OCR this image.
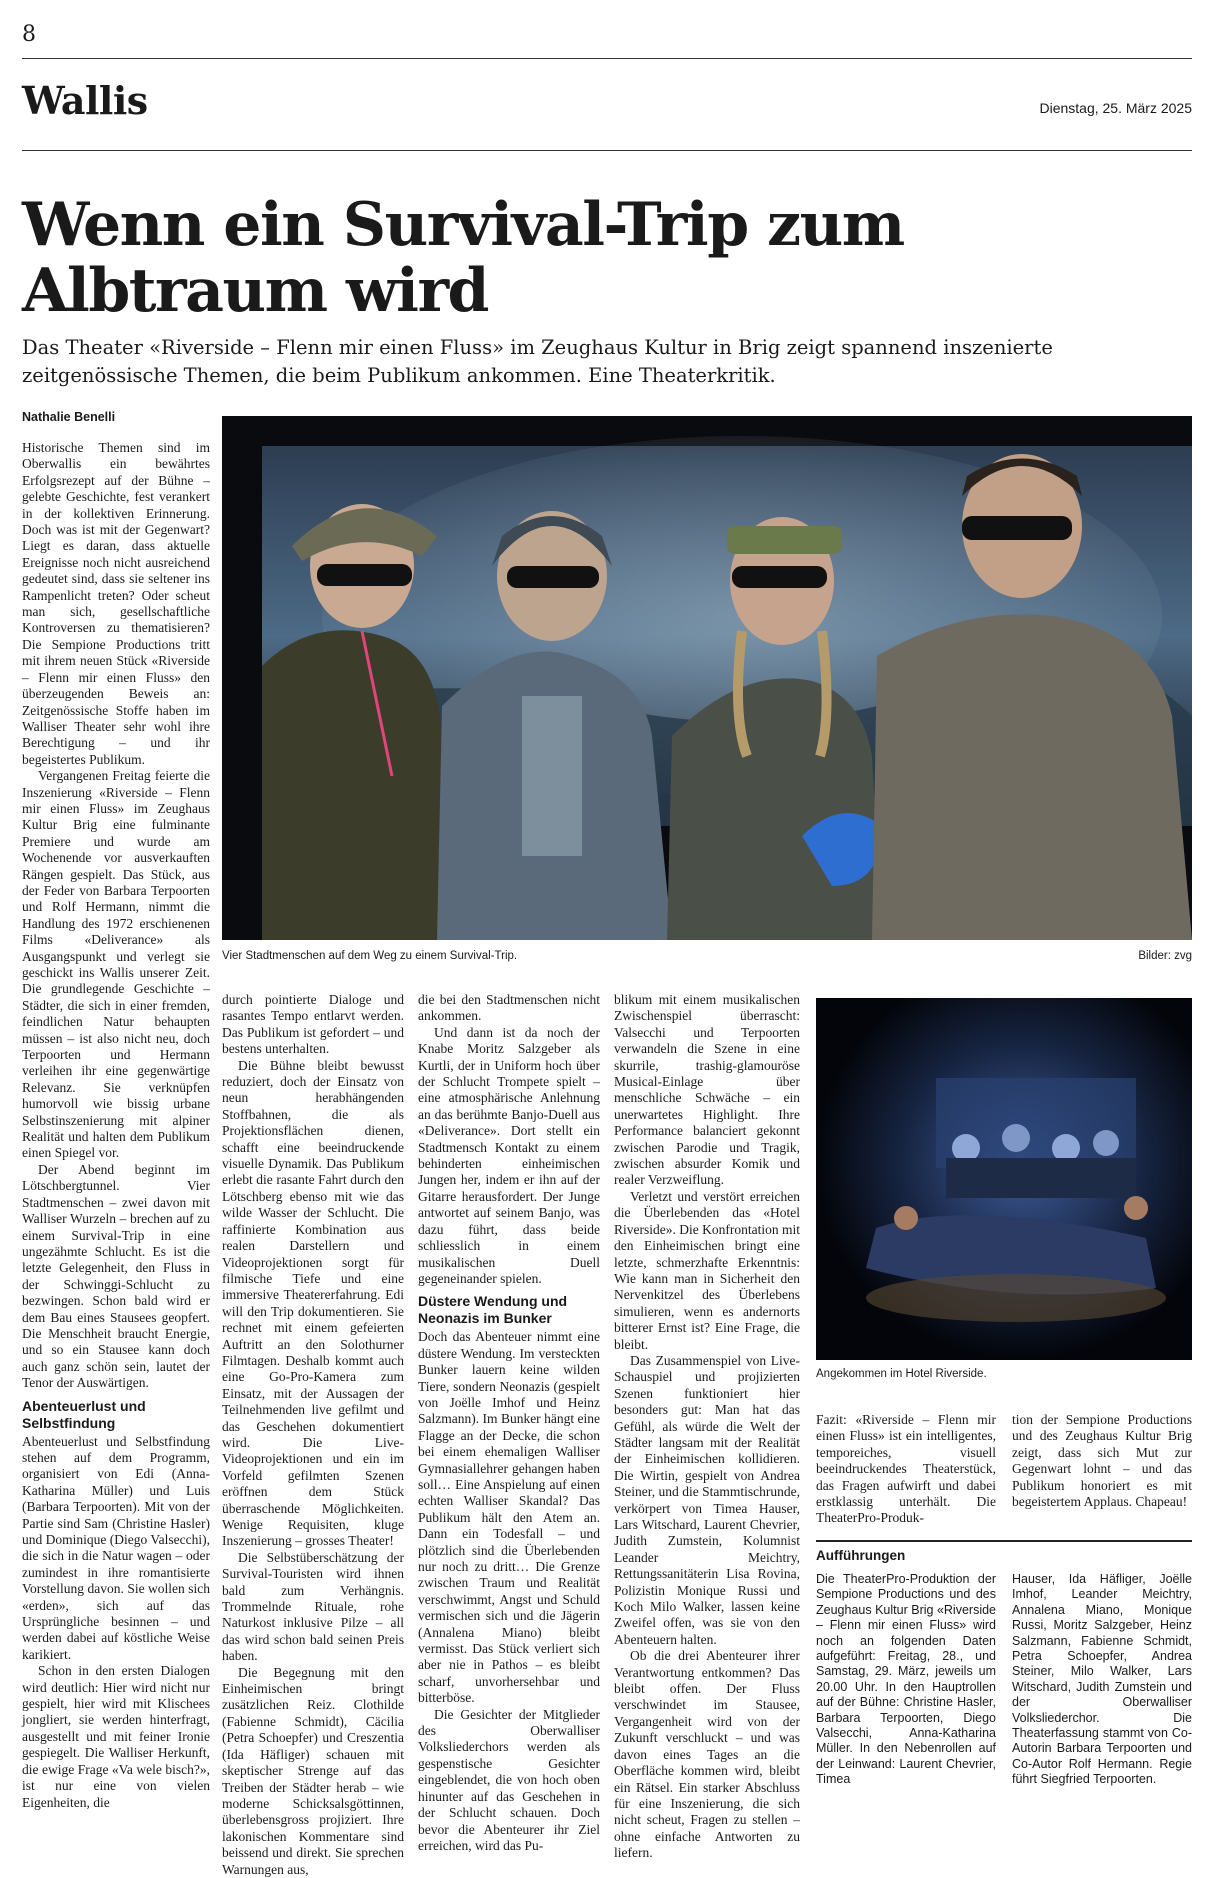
8
Wallis	Dienstag, 25. März 2025
Wenn ein Survival-Trip zum
Albtraum wird
Das Theater «Riverside – Flenn mir einen Fluss» im Zeughaus Kultur in Brig zeigt spannend inszenierte zeitgenössische Themen, die beim Publikum ankommen. Eine Theaterkritik.
Nathalie Benelli

Historische Themen sind im Oberwallis ein bewährtes Erfolgsrezept auf der Bühne – gelebte Geschichte, fest verankert in der kollektiven Erinnerung. Doch was ist mit der Gegenwart? Liegt es daran, dass aktuelle Ereignisse noch nicht ausreichend gedeutet sind, dass sie seltener ins Rampenlicht treten? Oder scheut man sich, gesellschaftliche Kontroversen zu thematisieren? Die Sempione Productions tritt mit ihrem neuen Stück «Riverside – Flenn mir einen Fluss» den überzeugenden Beweis an: Zeitgenössische Stoffe haben im Walliser Theater sehr wohl ihre Berechtigung – und ihr begeistertes Publikum.

Vergangenen Freitag feierte die Inszenierung «Riverside – Flenn mir einen Fluss» im Zeughaus Kultur Brig eine fulminante Premiere und wurde am Wochenende vor ausverkauften Rängen gespielt. Das Stück, aus der Feder von Barbara Terpoorten und Rolf Hermann, nimmt die Handlung des 1972 erschienenen Films «Deliverance» als Ausgangspunkt und verlegt sie geschickt ins Wallis unserer Zeit. Die grundlegende Geschichte – Städter, die sich in einer fremden, feindlichen Natur behaupten müssen – ist also nicht neu, doch Terpoorten und Hermann verleihen ihr eine gegenwärtige Relevanz. Sie verknüpfen humorvoll wie bissig urbane Selbstinszenierung mit alpiner Realität und halten dem Publikum einen Spiegel vor.

Der Abend beginnt im Lötschbergtunnel. Vier Stadtmenschen – zwei davon mit Walliser Wurzeln – brechen auf zu einem Survival-Trip in eine ungezähmte Schlucht. Es ist die letzte Gelegenheit, den Fluss in der Schwinggi-Schlucht zu bezwingen. Schon bald wird er dem Bau eines Stausees geopfert. Die Menschheit braucht Energie, und so ein Stausee kann doch auch ganz schön sein, lautet der Tenor der Auswärtigen.

Abenteuerlust und Selbstfindung

Abenteuerlust und Selbstfindung stehen auf dem Programm, organisiert von Edi (Anna-Katharina Müller) und Luis (Barbara Terpoorten). Mit von der Partie sind Sam (Christine Hasler) und Dominique (Diego Valsecchi), die sich in die Natur wagen – oder zumindest in ihre romantisierte Vorstellung davon. Sie wollen sich «erden», sich auf das Ursprüngliche besinnen – und werden dabei auf köstliche Weise karikiert.

Schon in den ersten Dialogen wird deutlich: Hier wird nicht nur gespielt, hier wird mit Klischees jongliert, sie werden hinterfragt, ausgestellt und mit feiner Ironie gespiegelt. Die Walliser Herkunft, die ewige Frage «Va wele bisch?», ist nur eine von vielen Eigenheiten, die

Vier Stadtmenschen auf dem Weg zu einem Survival-Trip.	Bilder: zvg

durch pointierte Dialoge und rasantes Tempo entlarvt werden. Das Publikum ist gefordert – und bestens unterhalten.

Die Bühne bleibt bewusst reduziert, doch der Einsatz von neun herabhängenden Stoffbahnen, die als Projektionsflächen dienen, schafft eine beeindruckende visuelle Dynamik. Das Publikum erlebt die rasante Fahrt durch den Lötschberg ebenso mit wie das wilde Wasser der Schlucht. Die raffinierte Kombination aus realen Darstellern und Videoprojektionen sorgt für filmische Tiefe und eine immersive Theatererfahrung. Edi will den Trip dokumentieren. Sie rechnet mit einem gefeierten Auftritt an den Solothurner Filmtagen. Deshalb kommt auch eine Go-Pro-Kamera zum Einsatz, mit der Aussagen der Teilnehmenden live gefilmt und das Geschehen dokumentiert wird. Die Live-Videoprojektionen und ein im Vorfeld gefilmten Szenen eröffnen dem Stück überraschende Möglichkeiten. Wenige Requisiten, kluge Inszenierung – grosses Theater!

Die Selbstüberschätzung der Survival-Touristen wird ihnen bald zum Verhängnis. Trommelnde Rituale, rohe Naturkost inklusive Pilze – all das wird schon bald seinen Preis haben.

Die Begegnung mit den Einheimischen bringt zusätzlichen Reiz. Clothilde (Fabienne Schmidt), Cäcilia (Petra Schoepfer) und Creszentia (Ida Häfliger) schauen mit skeptischer Strenge auf das Treiben der Städter herab – wie moderne Schicksalsgöttinnen, überlebensgross projiziert. Ihre lakonischen Kommentare sind beissend und direkt. Sie sprechen Warnungen aus,

die bei den Stadtmenschen nicht ankommen.

Und dann ist da noch der Knabe Moritz Salzgeber als Kurtli, der in Uniform hoch über der Schlucht Trompete spielt – eine atmosphärische Anlehnung an das berühmte Banjo-Duell aus «Deliverance». Dort stellt ein Stadtmensch Kontakt zu einem behinderten einheimischen Jungen her, indem er ihn auf der Gitarre herausfordert. Der Junge antwortet auf seinem Banjo, was dazu führt, dass beide schliesslich in einem musikalischen Duell gegeneinander spielen.

Düstere Wendung und Neonazis im Bunker

Doch das Abenteuer nimmt eine düstere Wendung. Im versteckten Bunker lauern keine wilden Tiere, sondern Neonazis (gespielt von Joëlle Imhof und Heinz Salzmann). Im Bunker hängt eine Flagge an der Decke, die schon bei einem ehemaligen Walliser Gymnasiallehrer gehangen haben soll… Eine Anspielung auf einen echten Walliser Skandal? Das Publikum hält den Atem an. Dann ein Todesfall – und plötzlich sind die Überlebenden nur noch zu dritt… Die Grenze zwischen Traum und Realität verschwimmt, Angst und Schuld vermischen sich und die Jägerin (Annalena Miano) bleibt vermisst. Das Stück verliert sich aber nie in Pathos – es bleibt scharf, unvorhersehbar und bitterböse.

Die Gesichter der Mitglieder des Oberwalliser Volksliederchors werden als gespenstische Gesichter eingeblendet, die von hoch oben hinunter auf das Geschehen in der Schlucht schauen. Doch bevor die Abenteurer ihr Ziel erreichen, wird das Pu-

blikum mit einem musikalischen Zwischenspiel überrascht: Valsecchi und Terpoorten verwandeln die Szene in eine skurrile, trashig-glamouröse Musical-Einlage über menschliche Schwäche – ein unerwartetes Highlight. Ihre Performance balanciert gekonnt zwischen Parodie und Tragik, zwischen absurder Komik und realer Verzweiflung.

Verletzt und verstört erreichen die Überlebenden das «Hotel Riverside». Die Konfrontation mit den Einheimischen bringt eine letzte, schmerzhafte Erkenntnis: Wie kann man in Sicherheit den Nervenkitzel des Überlebens simulieren, wenn es andernorts bitterer Ernst ist? Eine Frage, die bleibt.

Das Zusammenspiel von Live-Schauspiel und projizierten Szenen funktioniert hier besonders gut: Man hat das Gefühl, als würde die Welt der Städter langsam mit der Realität der Einheimischen kollidieren. Die Wirtin, gespielt von Andrea Steiner, und die Stammtischrunde, verkörpert von Timea Hauser, Lars Witschard, Laurent Chevrier, Judith Zumstein, Kolumnist Leander Meichtry, Rettungssanitäterin Lisa Rovina, Polizistin Monique Russi und Koch Milo Walker, lassen keine Zweifel offen, was sie von den Abenteuern halten.

Ob die drei Abenteurer ihrer Verantwortung entkommen? Das bleibt offen. Der Fluss verschwindet im Stausee, Vergangenheit wird von der Zukunft verschluckt – und was davon eines Tages an die Oberfläche kommen wird, bleibt ein Rätsel. Ein starker Abschluss für eine Inszenierung, die sich nicht scheut, Fragen zu stellen – ohne einfache Antworten zu liefern.

Angekommen im Hotel Riverside.

Fazit: «Riverside – Flenn mir einen Fluss» ist ein intelligentes, temporeiches, visuell beeindruckendes Theaterstück, das Fragen aufwirft und dabei erstklassig unterhält. Die TheaterPro-Produk-

tion der Sempione Productions und des Zeughaus Kultur Brig zeigt, dass sich Mut zur Gegenwart lohnt – und das Publikum honoriert es mit begeistertem Applaus. Chapeau!

Aufführungen
Die TheaterPro-Produktion der Sempione Productions und des Zeughaus Kultur Brig «Riverside – Flenn mir einen Fluss» wird noch an folgenden Daten aufgeführt: Freitag, 28., und Samstag, 29. März, jeweils um 20.00 Uhr. In den Hauptrollen auf der Bühne: Christine Hasler, Barbara Terpoorten, Diego Valsecchi, Anna-Katharina Müller. In den Nebenrollen auf der Leinwand: Laurent Chevrier, Timea
Hauser, Ida Häfliger, Joëlle Imhof, Leander Meichtry, Annalena Miano, Monique Russi, Moritz Salzgeber, Heinz Salzmann, Fabienne Schmidt, Petra Schoepfer, Andrea Steiner, Milo Walker, Lars Witschard, Judith Zumstein und der Oberwalliser Volksliederchor. Die Theaterfassung stammt von Co-Autorin Barbara Terpoorten und Co-Autor Rolf Hermann. Regie führt Siegfried Terpoorten.
